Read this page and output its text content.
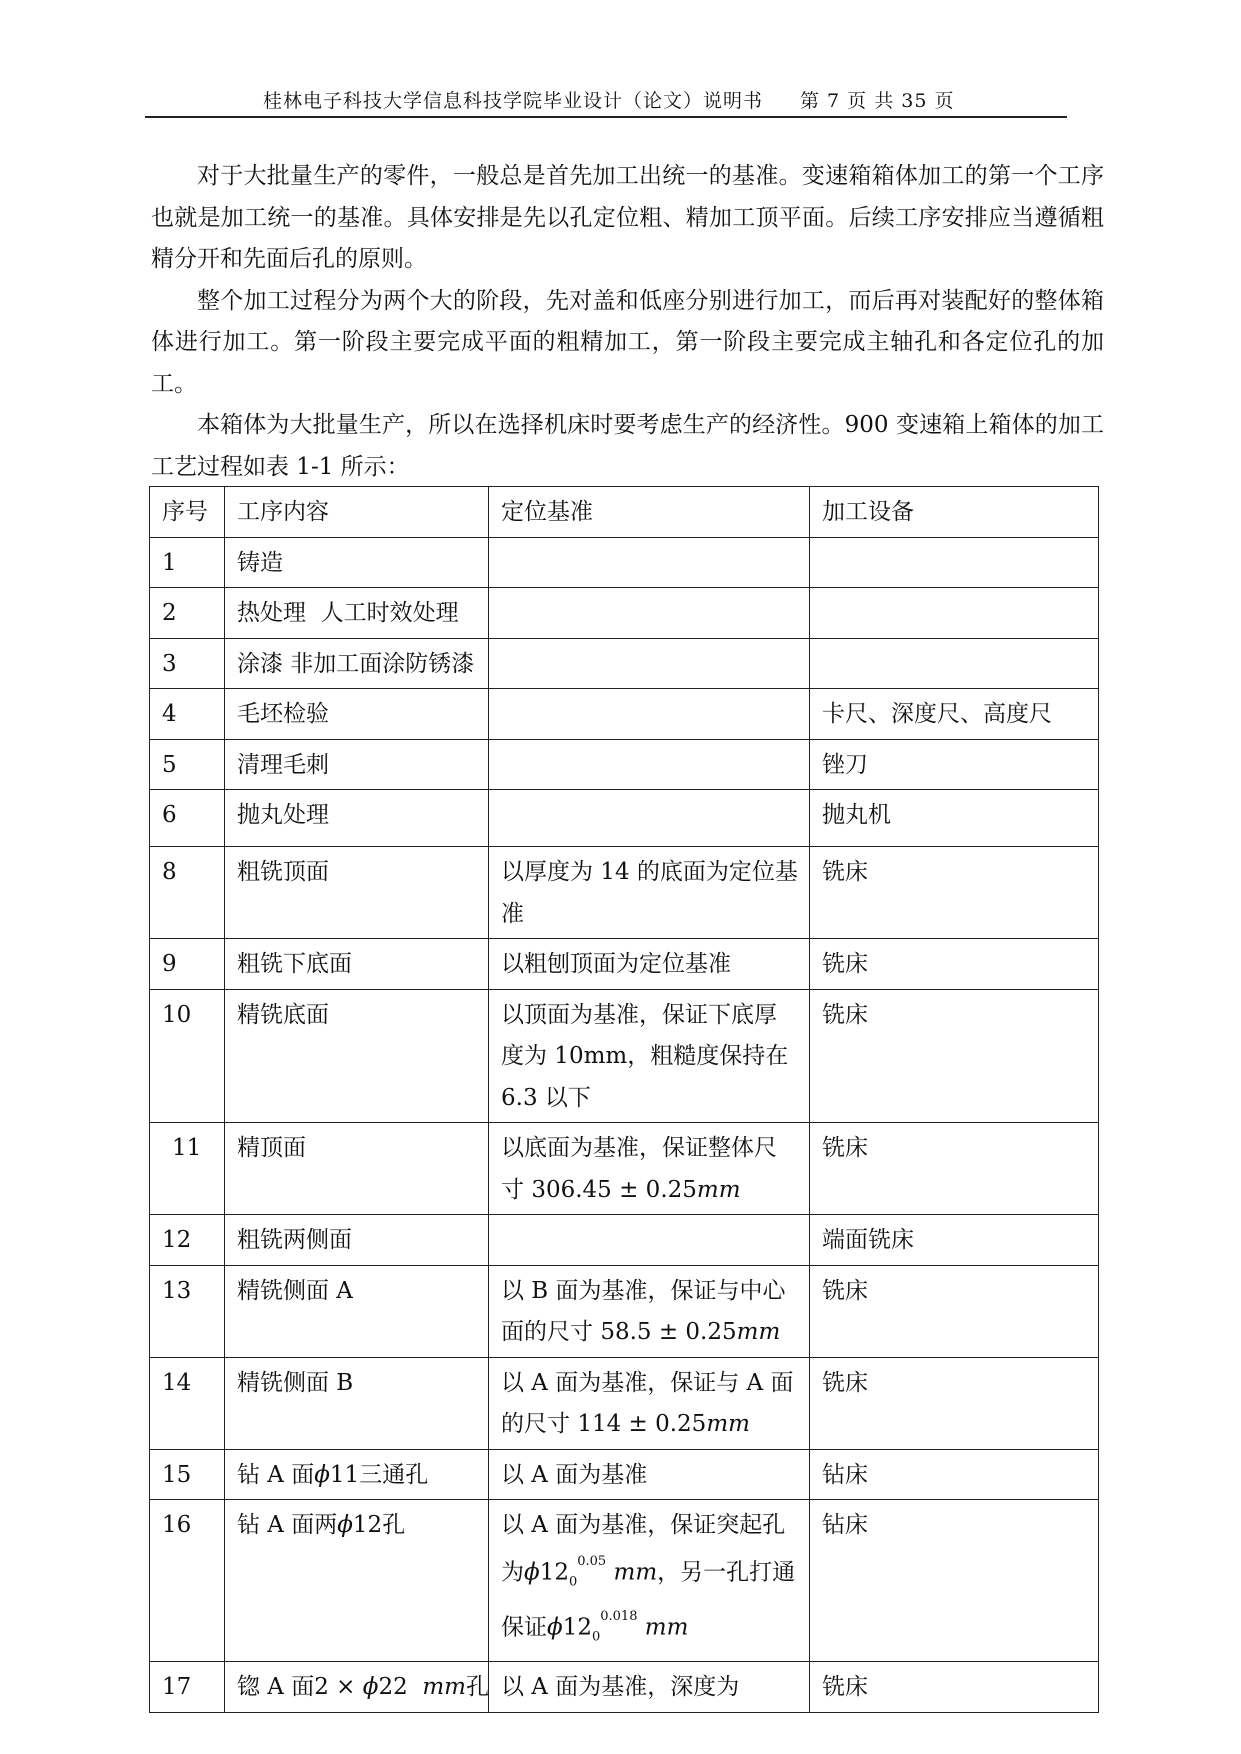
桂林电子科技大学信息科技学院毕业设计（论文）说明书 第 7 页 共 35 页

对于大批量生产的零件，一般总是首先加工出统一的基准。变速箱箱体加工的第一个工序也就是加工统一的基准。具体安排是先以孔定位粗、精加工顶平面。后续工序安排应当遵循粗精分开和先面后孔的原则。

整个加工过程分为两个大的阶段，先对盖和低座分别进行加工，而后再对装配好的整体箱体进行加工。第一阶段主要完成平面的粗精加工，第一阶段主要完成主轴孔和各定位孔的加工。

本箱体为大批量生产，所以在选择机床时要考虑生产的经济性。900 变速箱上箱体的加工工艺过程如表 1-1 所示：

序号	工序内容	定位基准	加工设备
1	铸造		
2	热处理  人工时效处理		
3	涂漆 非加工面涂防锈漆		
4	毛坯检验		卡尺、深度尺、高度尺
5	清理毛刺		锉刀
6	抛丸处理		抛丸机
8	粗铣顶面	以厚度为 14 的底面为定位基准	铣床
9	粗铣下底面	以粗刨顶面为定位基准	铣床
10	精铣底面	以顶面为基准，保证下底厚度为 10mm，粗糙度保持在 6.3 以下	铣床
11	精顶面	以底面为基准，保证整体尺寸 306.45 ± 0.25mm	铣床
12	粗铣两侧面		端面铣床
13	精铣侧面 A	以 B 面为基准，保证与中心面的尺寸 58.5 ± 0.25mm	铣床
14	精铣侧面 B	以 A 面为基准，保证与 A 面的尺寸 114 ± 0.25mm	铣床
15	钻 A 面ϕ11三通孔	以 A 面为基准	钻床
16	钻 A 面两ϕ12孔	以 A 面为基准，保证突起孔为$\phi 12_0^{0.05}$ mm，另一孔打通保证$\phi 12_0^{0.018}$ mm	钻床
17	锪 A 面2 × ϕ22  mm孔	以 A 面为基准，深度为	铣床
